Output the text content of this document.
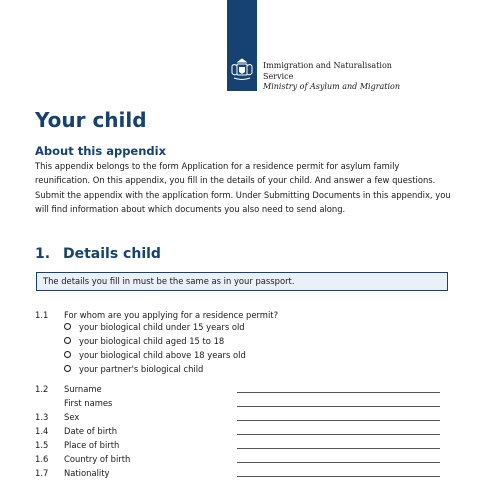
Immigration and Naturalisation
Service
Ministry of Asylum and Migration
Your child
About this appendix

This appendix belongs to the form Application for a residence permit for asylum family reunification. On this appendix, you fill in the details of your child. And answer a few questions. Submit the appendix with the application form. Under Submitting Documents in this appendix, you will find information about which documents you also need to send along.

1. Details child
The details you fill in must be the same as in your passport.
1.1 For whom are you applying for a residence permit?
your biological child under 15 years old
your biological child aged 15 to 18
your biological child above 18 years old
your partner's biological child
1.2 Surname
First names
1.3 Sex
1.4 Date of birth
1.5 Place of birth
1.6 Country of birth
1.7 Nationality
